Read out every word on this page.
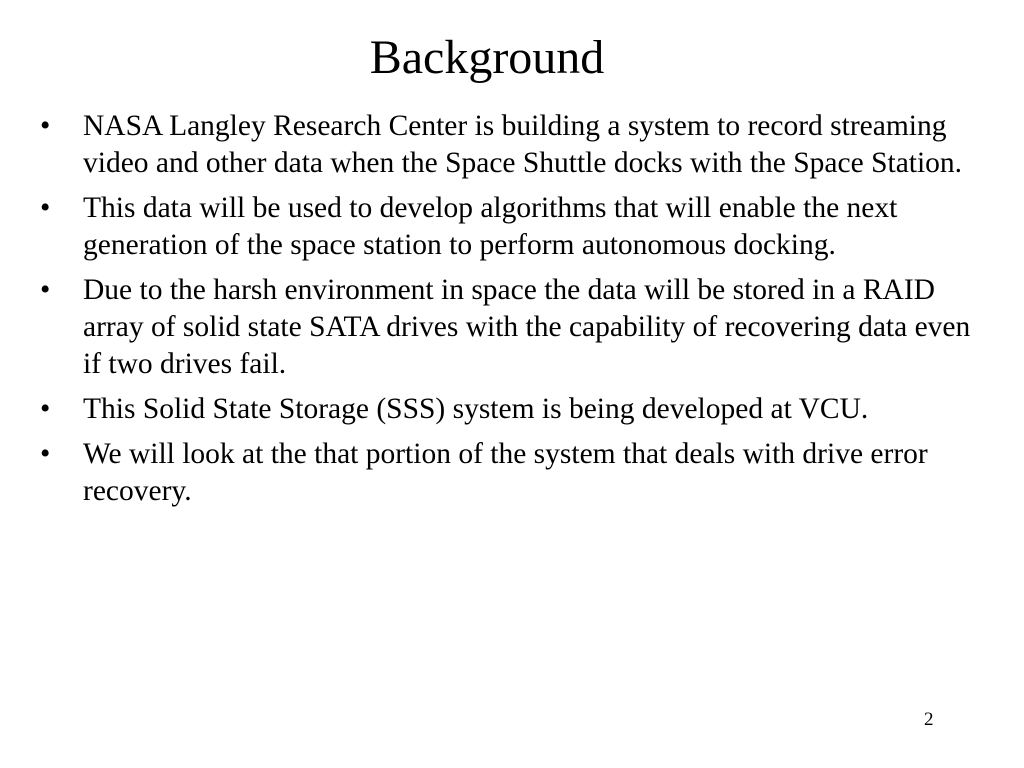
Background
• NASA Langley Research Center is building a system to record streaming video and other data when the Space Shuttle docks with the Space Station.
• This data will be used to develop algorithms that will enable the next generation of the space station to perform autonomous docking.
• Due to the harsh environment in space the data will be stored in a RAID array of solid state SATA drives with the capability of recovering data even if two drives fail.
• This Solid State Storage (SSS) system is being developed at VCU.
• We will look at the that portion of the system that deals with drive error recovery.
2
